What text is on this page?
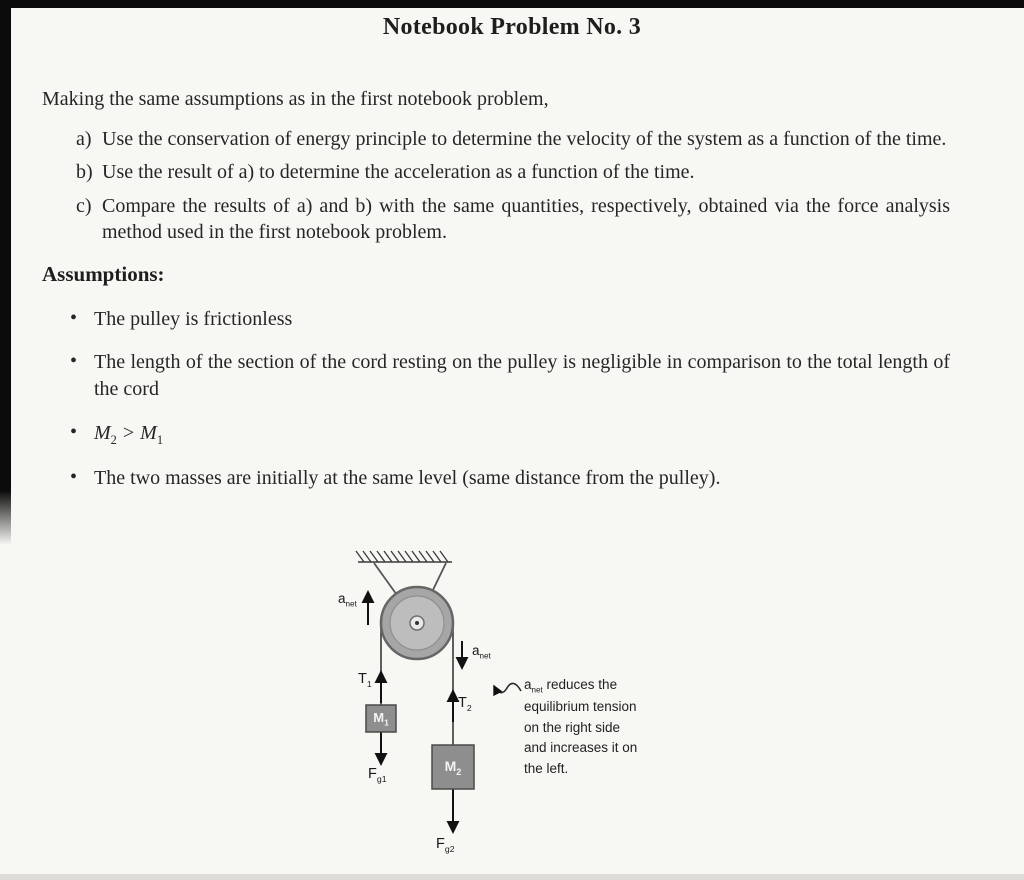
Notebook Problem No. 3

Making the same assumptions as in the first notebook problem,

a) Use the conservation of energy principle to determine the velocity of the system as a function of the time.
b) Use the result of a) to determine the acceleration as a function of the time.
c) Compare the results of a) and b) with the same quantities, respectively, obtained via the force analysis method used in the first notebook problem.
Assumptions:
• The pulley is frictionless
• The length of the section of the cord resting on the pulley is negligible in comparison to the total length of the cord
• $M_2 > M_1$
• The two masses are initially at the same level (same distance from the pulley).
$a_{net}$
$a_{net}$
$T_1$
$T_2$
$M_1$
$M_2$
$F_{g1}$
$F_{g2}$
$a_{net}$ reduces the equilibrium tension on the right side and increases it on the left.
